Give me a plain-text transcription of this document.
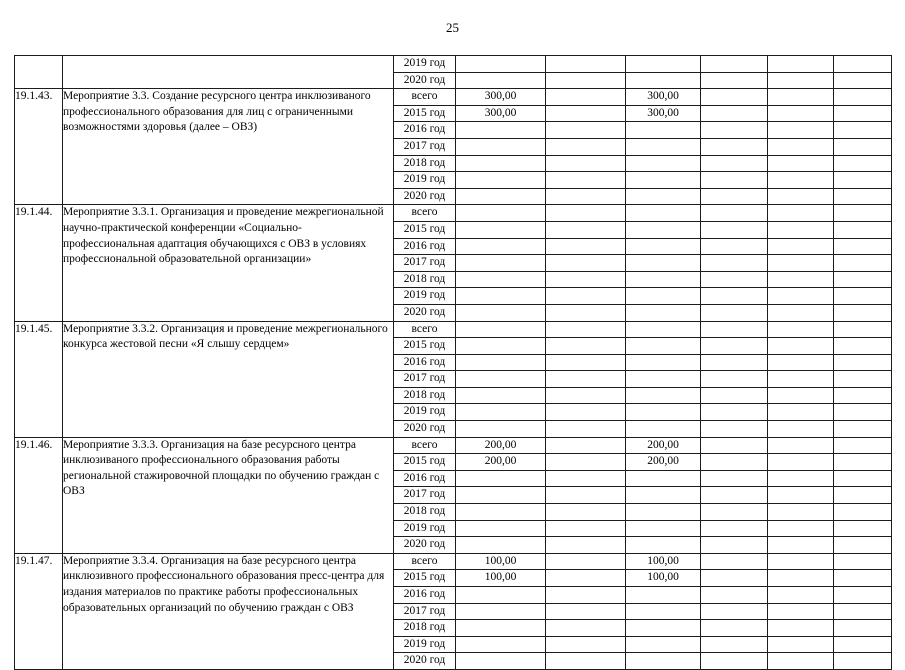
25
		2019 год						
		2020 год						
19.1.43.	Мероприятие 3.3. Создание ресурсного центра инклюзиваного профессионального образования для лиц с ограниченными возможностями здоровья (далее – ОВЗ)	всего	300,00		300,00			
		2015 год	300,00		300,00			
		2016 год						
		2017 год						
		2018 год						
		2019 год						
		2020 год						
19.1.44.	Мероприятие 3.3.1. Организация и проведение межрегиональной научно-практической конференции «Социально-профессиональная адаптация обучающихся с ОВЗ в условиях профессиональной образовательной организации»	всего						
		2015 год						
		2016 год						
		2017 год						
		2018 год						
		2019 год						
		2020 год						
19.1.45.	Мероприятие 3.3.2. Организация и проведение межрегионального конкурса жестовой песни «Я слышу сердцем»	всего						
		2015 год						
		2016 год						
		2017 год						
		2018 год						
		2019 год						
		2020 год						
19.1.46.	Мероприятие 3.3.3. Организация на базе ресурсного центра инклюзиваного профессионального образования работы региональной стажировочной площадки по обучению граждан с ОВЗ	всего	200,00		200,00			
		2015 год	200,00		200,00			
		2016 год						
		2017 год						
		2018 год						
		2019 год						
		2020 год						
19.1.47.	Мероприятие 3.3.4. Организация на базе ресурсного центра инклюзивного профессионального образования пресс-центра для издания материалов по практике работы профессиональных образовательных организаций по обучению граждан с ОВЗ	всего	100,00		100,00			
		2015 год	100,00		100,00			
		2016 год						
		2017 год						
		2018 год						
		2019 год						
		2020 год						
